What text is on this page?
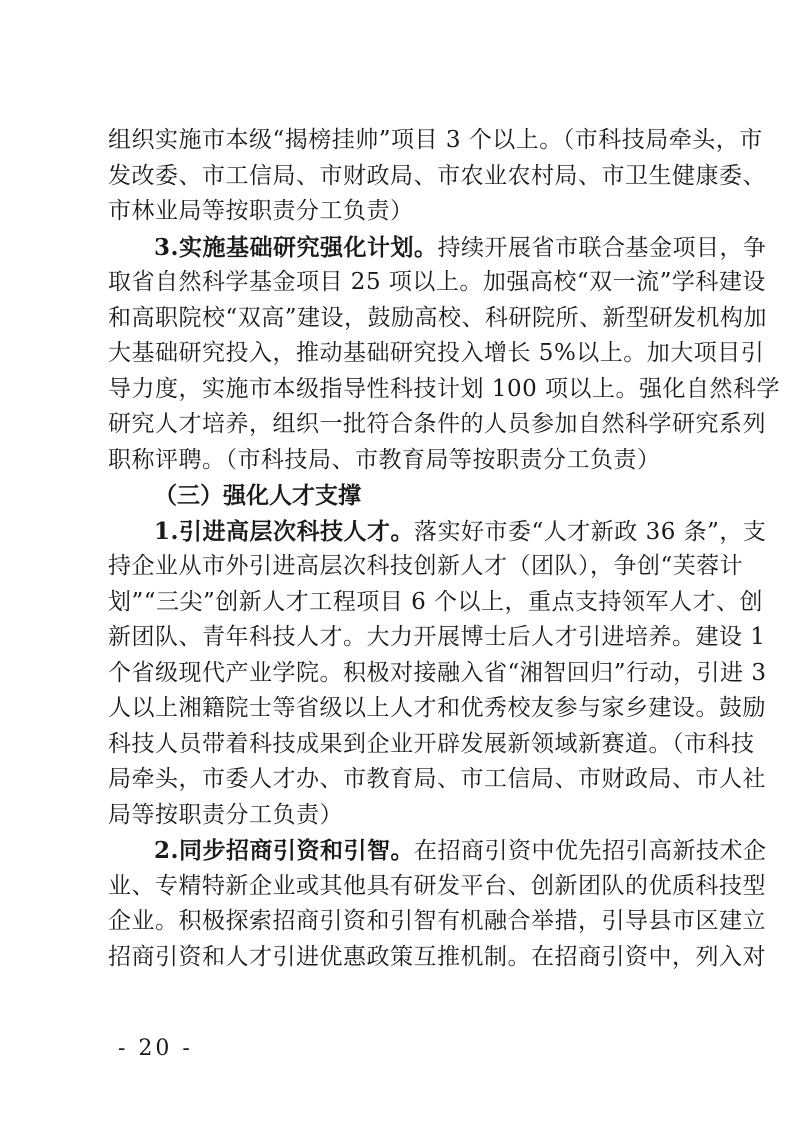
组织实施市本级“揭榜挂帅”项目 3 个以上。（市科技局牵头，市
发改委、市工信局、市财政局、市农业农村局、市卫生健康委、
市林业局等按职责分工负责）
3.实施基础研究强化计划。持续开展省市联合基金项目，争
取省自然科学基金项目 25 项以上。加强高校“双一流”学科建设
和高职院校“双高”建设，鼓励高校、科研院所、新型研发机构加
大基础研究投入，推动基础研究投入增长 5%以上。加大项目引
导力度，实施市本级指导性科技计划 100 项以上。强化自然科学
研究人才培养，组织一批符合条件的人员参加自然科学研究系列
职称评聘。（市科技局、市教育局等按职责分工负责）
（三）强化人才支撑
1.引进高层次科技人才。落实好市委“人才新政 36 条”，支
持企业从市外引进高层次科技创新人才（团队），争创“芙蓉计
划”“三尖”创新人才工程项目 6 个以上，重点支持领军人才、创
新团队、青年科技人才。大力开展博士后人才引进培养。建设 1
个省级现代产业学院。积极对接融入省“湘智回归”行动，引进 3
人以上湘籍院士等省级以上人才和优秀校友参与家乡建设。鼓励
科技人员带着科技成果到企业开辟发展新领域新赛道。（市科技
局牵头，市委人才办、市教育局、市工信局、市财政局、市人社
局等按职责分工负责）
2.同步招商引资和引智。在招商引资中优先招引高新技术企
业、专精特新企业或其他具有研发平台、创新团队的优质科技型
企业。积极探索招商引资和引智有机融合举措，引导县市区建立
招商引资和人才引进优惠政策互推机制。在招商引资中，列入对
- 20 -
